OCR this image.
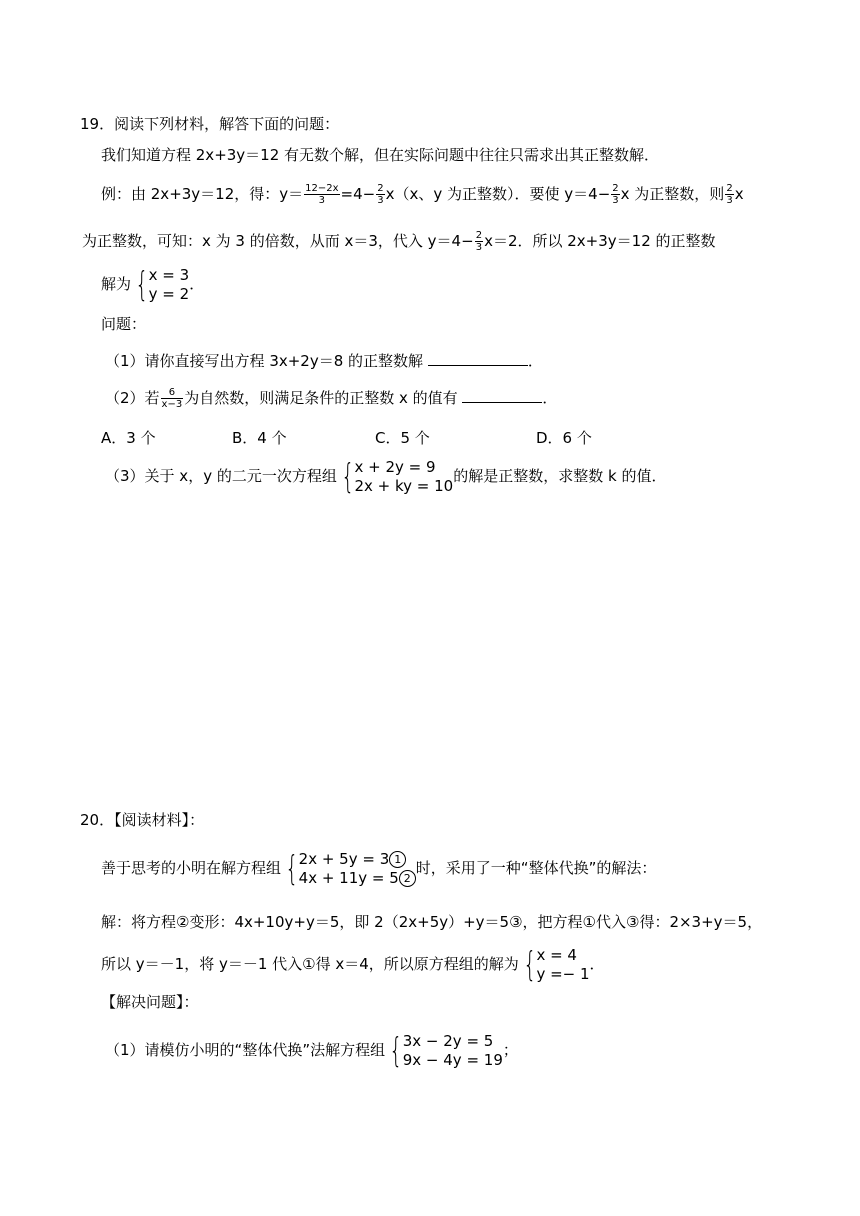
19．阅读下列材料，解答下面的问题：
我们知道方程 2x+3y＝12 有无数个解，但在实际问题中往往只需求出其正整数解．
例：由 2x+3y＝12，得：$y= \frac{12-2x}{3} =4- \frac{2}{3} x(x$、y 为正整数）．要使 $y=4- \frac{2}{3}$ x 为正整数，则 $\frac{2}{3}$ x
为正整数，可知：x 为 3 的倍数，从而 x＝3，代入 $y=4- \frac{2}{3} x=2$．所以 2x+3y＝12 的正整数
解为 { x = 3
y = 2
．
问题：
（1）请你直接写出方程 3x+2y＝8 的正整数解	．
（2）若 $\frac{6}{x-3}$ 为自然数，则满足条件的正整数 x 的值有	．
A．3 个	B．4 个	C．5 个	D．6 个
（3）关于 x，y 的二元一次方程组 { x + 2y = 9
2x + ky = 10
的解是正整数，求整数 k 的值．
20．【阅读材料】：
善于思考的小明在解方程组 { 2x + 5y = 3 1
4x + 11y = 5 2
时，采用了一种“整体代换”的解法：
解：将方程②变形：4x+10y+y＝5，即 2（2x+5y）+y＝5③，把方程①代入③得：2×3+y＝5，
所以 y＝－1，将 y＝－1 代入①得 x＝4，所以原方程组的解为 { x = 4
y =− 1
．
【解决问题】：
（1）请模仿小明的“整体代换”法解方程组 { 3x − 2y = 5
9x − 4y = 19
；
